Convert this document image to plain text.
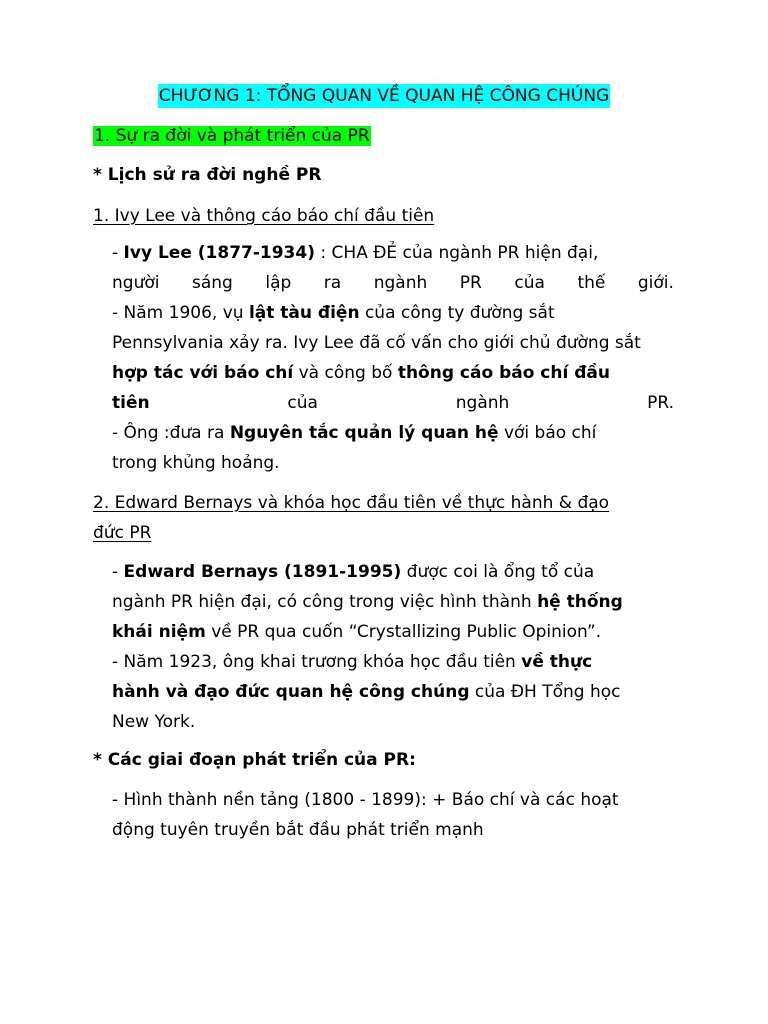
CHƯƠNG 1: TỔNG QUAN VỀ QUAN HỆ CÔNG CHÚNG
1. Sự ra đời và phát triển của PR
* Lịch sử ra đời nghề PR
1. Ivy Lee và thông cáo báo chí đầu tiên
- Ivy Lee (1877-1934) : CHA ĐẺ của ngành PR hiện đại,
người sáng lập ra ngành PR của thế giới.
- Năm 1906, vụ lật tàu điện của công ty đường sắt
Pennsylvania xảy ra. Ivy Lee đã cố vấn cho giới chủ đường sắt
hợp tác với báo chí và công bố thông cáo báo chí đầu
tiên	của	ngành	PR.
- Ông :đưa ra Nguyên tắc quản lý quan hệ với báo chí
trong khủng hoảng.
2. Edward Bernays và khóa học đầu tiên về thực hành & đạo
đức PR
- Edward Bernays (1891-1995) được coi là ổng tổ của
ngành PR hiện đại, có công trong việc hình thành hệ thống
khái niệm về PR qua cuốn “Crystallizing Public Opinion”.
- Năm 1923, ông khai trương khóa học đầu tiên về thực
hành và đạo đức quan hệ công chúng của ĐH Tổng học
New York.
* Các giai đoạn phát triển của PR:
- Hình thành nền tảng (1800 - 1899): + Báo chí và các hoạt
động tuyên truyền bắt đầu phát triển mạnh
